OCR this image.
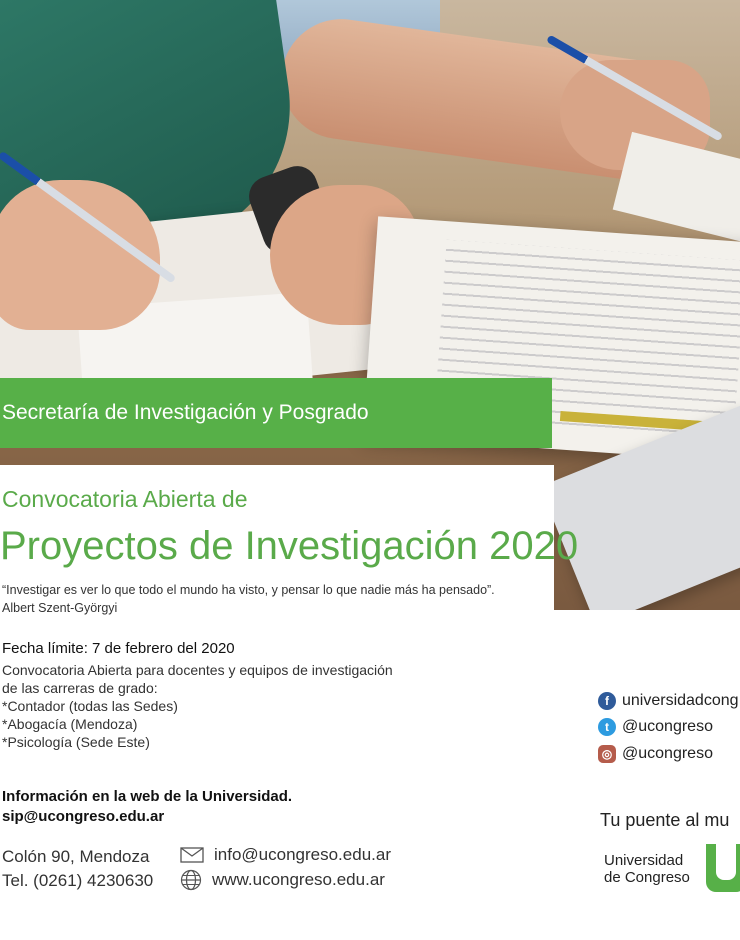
Secretaría de Investigación y Posgrado
Convocatoria Abierta de
Proyectos de Investigación 2020
“Investigar es ver lo que todo el mundo ha visto, y pensar lo que nadie más ha pensado”.
Albert Szent-Györgyi
Fecha límite: 7 de febrero del 2020
Convocatoria Abierta para docentes y equipos de investigación
de las carreras de grado:
*Contador (todas las Sedes)
*Abogacía (Mendoza)
*Psicología (Sede Este)
Información en la web de la Universidad.
sip@ucongreso.edu.ar
Colón 90, Mendoza
Tel. (0261) 4230630
info@ucongreso.edu.ar
www.ucongreso.edu.ar
f universidadcong
t @ucongreso
◎ @ucongreso
Tu puente al mu
Universidad
de Congreso
